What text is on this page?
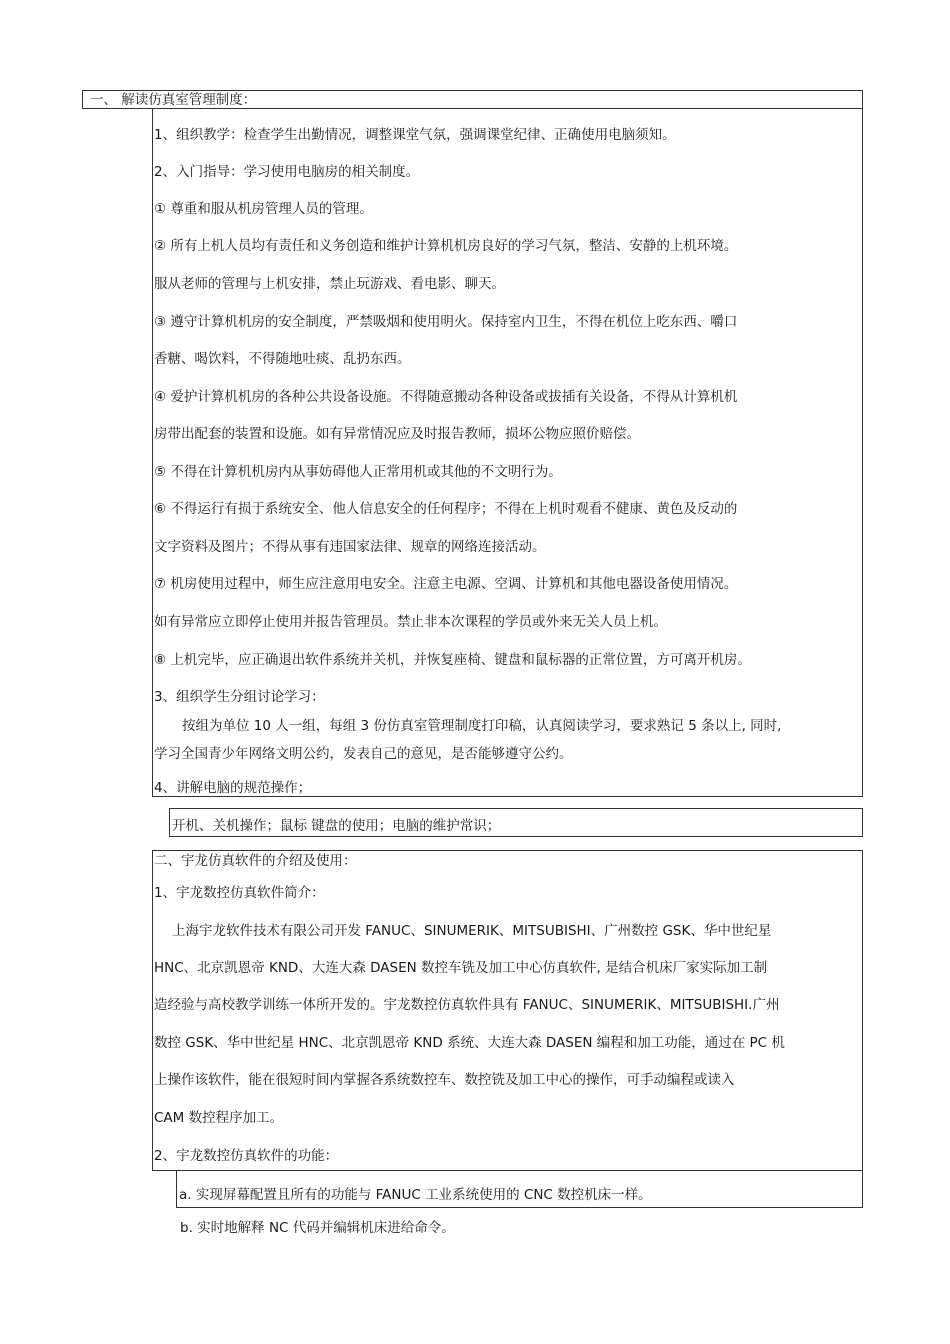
一、 解读仿真室管理制度：
1、组织教学：检查学生出勤情况，调整课堂气氛，强调课堂纪律、正确使用电脑须知。
2、入门指导：学习使用电脑房的相关制度。
① 尊重和服从机房管理人员的管理。
② 所有上机人员均有责任和义务创造和维护计算机机房良好的学习气氛，整洁、安静的上机环境。
服从老师的管理与上机安排，禁止玩游戏、看电影、聊天。
③ 遵守计算机机房的安全制度，严禁吸烟和使用明火。保持室内卫生，不得在机位上吃东西、嚼口
香糖、喝饮料，不得随地吐痰、乱扔东西。
④ 爱护计算机机房的各种公共设备设施。不得随意搬动各种设备或拔插有关设备，不得从计算机机
房带出配套的装置和设施。如有异常情况应及时报告教师，损坏公物应照价赔偿。
⑤ 不得在计算机机房内从事妨碍他人正常用机或其他的不文明行为。
⑥ 不得运行有损于系统安全、他人信息安全的任何程序；不得在上机时观看不健康、黄色及反动的
文字资料及图片；不得从事有违国家法律、规章的网络连接活动。
⑦ 机房使用过程中，师生应注意用电安全。注意主电源、空调、计算机和其他电器设备使用情况。
如有异常应立即停止使用并报告管理员。禁止非本次课程的学员或外来无关人员上机。
⑧ 上机完毕，应正确退出软件系统并关机，并恢复座椅、键盘和鼠标器的正常位置，方可离开机房。
3、组织学生分组讨论学习：
按组为单位 10 人一组，每组 3 份仿真室管理制度打印稿，认真阅读学习，要求熟记 5 条以上, 同时,
学习全国青少年网络文明公约，发表自己的意见，是否能够遵守公约。
4、讲解电脑的规范操作；
开机、关机操作；鼠标 键盘的使用；电脑的维护常识；
二、宇龙仿真软件的介绍及使用：
1、宇龙数控仿真软件简介：
上海宇龙软件技术有限公司开发 FANUC、SINUMERIK、MITSUBISHI、广州数控 GSK、华中世纪星
HNC、北京凯恩帝 KND、大连大森 DASEN 数控车铣及加工中心仿真软件, 是结合机床厂家实际加工制
造经验与高校教学训练一体所开发的。宇龙数控仿真软件具有 FANUC、SINUMERIK、MITSUBISHI.广州
数控 GSK、华中世纪星 HNC、北京凯恩帝 KND 系统、大连大森 DASEN 编程和加工功能，通过在 PC 机
上操作该软件，能在很短时间内掌握各系统数控车、数控铣及加工中心的操作，可手动编程或读入
CAM 数控程序加工。
2、宇龙数控仿真软件的功能：
a. 实现屏幕配置且所有的功能与 FANUC 工业系统使用的 CNC 数控机床一样。
b. 实时地解释 NC 代码并编辑机床进给命令。
